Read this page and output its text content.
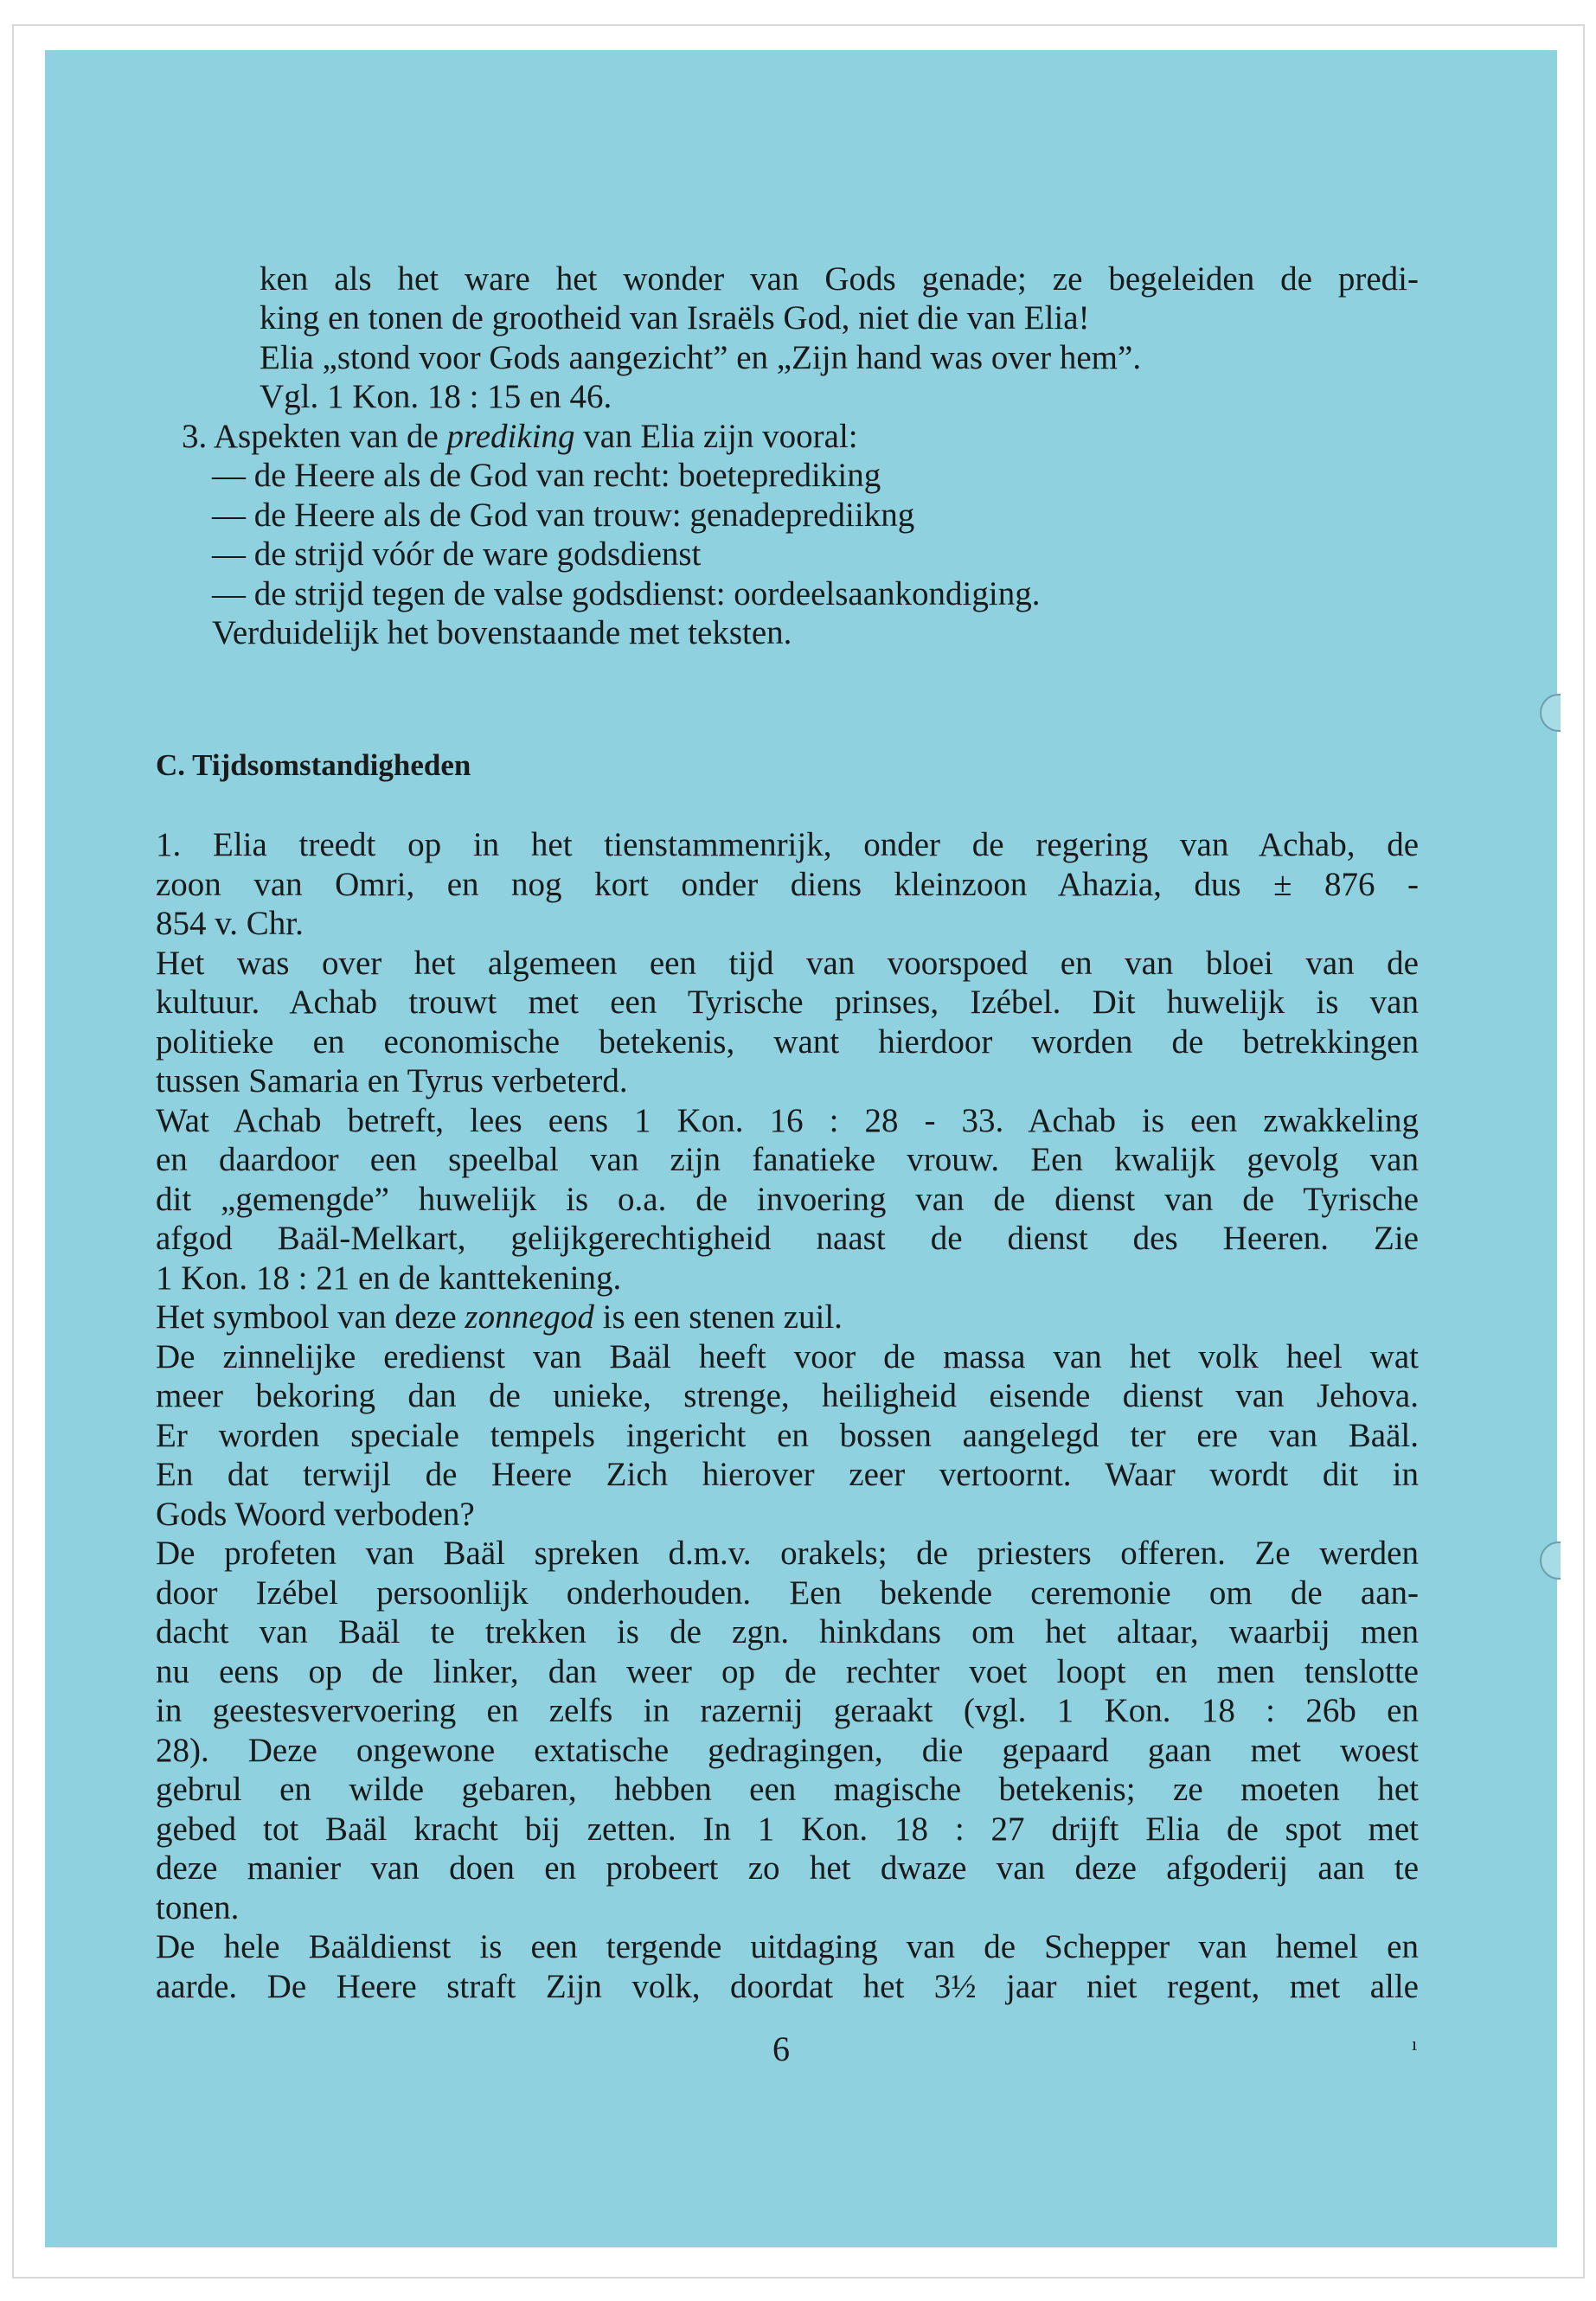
ken als het ware het wonder van Gods genade; ze begeleiden de predi-
king en tonen de grootheid van Israëls God, niet die van Elia!
Elia „stond voor Gods aangezicht” en „Zijn hand was over hem”.
Vgl. 1 Kon. 18 : 15 en 46.
3. Aspekten van de prediking van Elia zijn vooral:
— de Heere als de God van recht: boeteprediking
— de Heere als de God van trouw: genadeprediikng
— de strijd vóór de ware godsdienst
— de strijd tegen de valse godsdienst: oordeelsaankondiging.
Verduidelijk het bovenstaande met teksten.
C. Tijdsomstandigheden
1. Elia treedt op in het tienstammenrijk, onder de regering van Achab, de
zoon van Omri, en nog kort onder diens kleinzoon Ahazia, dus ± 876 -
854 v. Chr.
Het was over het algemeen een tijd van voorspoed en van bloei van de
kultuur. Achab trouwt met een Tyrische prinses, Izébel. Dit huwelijk is van
politieke en economische betekenis, want hierdoor worden de betrekkingen
tussen Samaria en Tyrus verbeterd.
Wat Achab betreft, lees eens 1 Kon. 16 : 28 - 33. Achab is een zwakkeling
en daardoor een speelbal van zijn fanatieke vrouw. Een kwalijk gevolg van
dit „gemengde” huwelijk is o.a. de invoering van de dienst van de Tyrische
afgod Baäl-Melkart, gelijkgerechtigheid naast de dienst des Heeren. Zie
1 Kon. 18 : 21 en de kanttekening.
Het symbool van deze zonnegod is een stenen zuil.
De zinnelijke eredienst van Baäl heeft voor de massa van het volk heel wat
meer bekoring dan de unieke, strenge, heiligheid eisende dienst van Jehova.
Er worden speciale tempels ingericht en bossen aangelegd ter ere van Baäl.
En dat terwijl de Heere Zich hierover zeer vertoornt. Waar wordt dit in
Gods Woord verboden?
De profeten van Baäl spreken d.m.v. orakels; de priesters offeren. Ze werden
door Izébel persoonlijk onderhouden. Een bekende ceremonie om de aan-
dacht van Baäl te trekken is de zgn. hinkdans om het altaar, waarbij men
nu eens op de linker, dan weer op de rechter voet loopt en men tenslotte
in geestesvervoering en zelfs in razernij geraakt (vgl. 1 Kon. 18 : 26b en
28). Deze ongewone extatische gedragingen, die gepaard gaan met woest
gebrul en wilde gebaren, hebben een magische betekenis; ze moeten het
gebed tot Baäl kracht bij zetten. In 1 Kon. 18 : 27 drijft Elia de spot met
deze manier van doen en probeert zo het dwaze van deze afgoderij aan te
tonen.
De hele Baäldienst is een tergende uitdaging van de Schepper van hemel en
aarde. De Heere straft Zijn volk, doordat het 3½ jaar niet regent, met alle
6	ı
